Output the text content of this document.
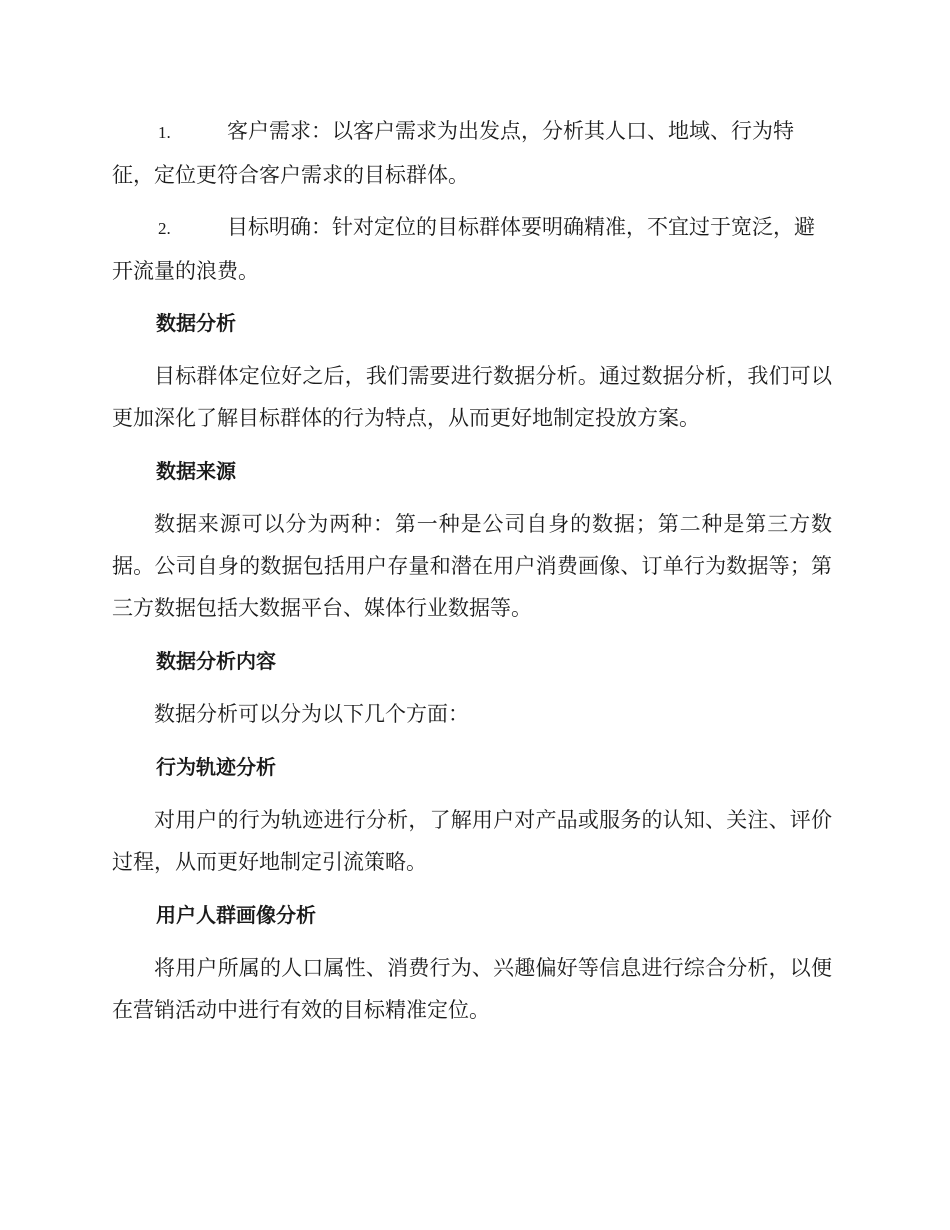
1.	客户需求：以客户需求为出发点，分析其人口、地域、行为特征，定位更符合客户需求的目标群体。
2.	目标明确：针对定位的目标群体要明确精准，不宜过于宽泛，避开流量的浪费。
数据分析

目标群体定位好之后，我们需要进行数据分析。通过数据分析，我们可以更加深化了解目标群体的行为特点，从而更好地制定投放方案。

数据来源

数据来源可以分为两种：第一种是公司自身的数据；第二种是第三方数据。公司自身的数据包括用户存量和潜在用户消费画像、订单行为数据等；第三方数据包括大数据平台、媒体行业数据等。

数据分析内容

数据分析可以分为以下几个方面：

行为轨迹分析

对用户的行为轨迹进行分析，了解用户对产品或服务的认知、关注、评价过程，从而更好地制定引流策略。

用户人群画像分析

将用户所属的人口属性、消费行为、兴趣偏好等信息进行综合分析，以便在营销活动中进行有效的目标精准定位。
